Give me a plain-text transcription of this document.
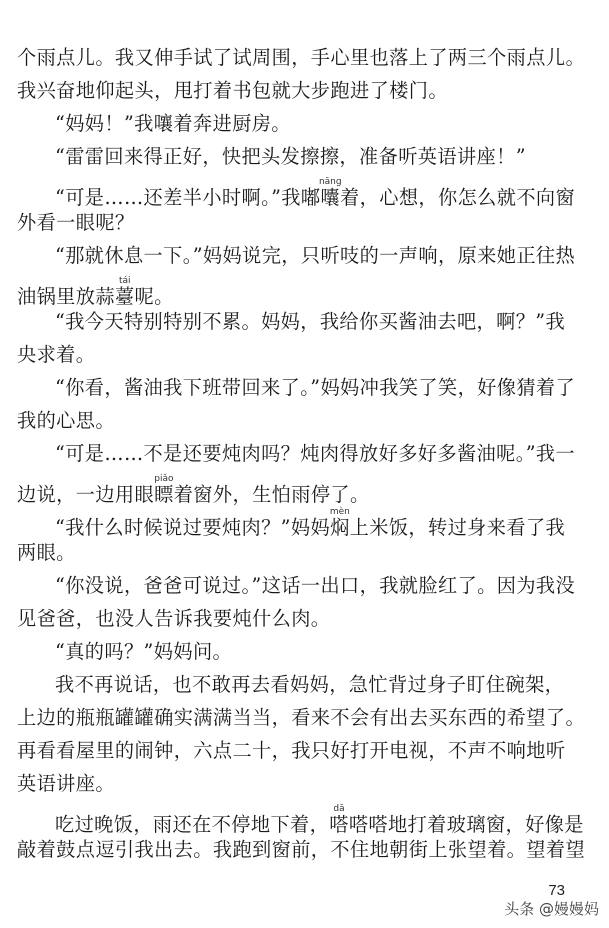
个雨点儿。我又伸手试了试周围，手心里也落上了两三个雨点儿。
我兴奋地仰起头，甩打着书包就大步跑进了楼门。
“妈妈！”我嚷着奔进厨房。
“雷雷回来得正好，快把头发擦擦，准备听英语讲座！”
“可是……还差半小时啊。”我嘟囔nāng着，心想，你怎么就不向窗
外看一眼呢？
“那就休息一下。”妈妈说完，只听吱的一声响，原来她正往热
油锅里放蒜薹tái呢。
“我今天特别特别不累。妈妈，我给你买酱油去吧，啊？”我
央求着。
“你看，酱油我下班带回来了。”妈妈冲我笑了笑，好像猜着了
我的心思。
“可是……不是还要炖肉吗？炖肉得放好多好多酱油呢。”我一
边说，一边用眼瞟piǎo着窗外，生怕雨停了。
“我什么时候说过要炖肉？”妈妈焖mèn上米饭，转过身来看了我
两眼。
“你没说，爸爸可说过。”这话一出口，我就脸红了。因为我没
见爸爸，也没人告诉我要炖什么肉。
“真的吗？”妈妈问。
我不再说话，也不敢再去看妈妈，急忙背过身子盯住碗架，
上边的瓶瓶罐罐确实满满当当，看来不会有出去买东西的希望了。
再看看屋里的闹钟，六点二十，我只好打开电视，不声不响地听
英语讲座。
吃过晚饭，雨还在不停地下着，嗒dā嗒嗒地打着玻璃窗，好像是
敲着鼓点逗引我出去。我跑到窗前，不住地朝街上张望着。望着望
73
头条 @嫚嫚妈
